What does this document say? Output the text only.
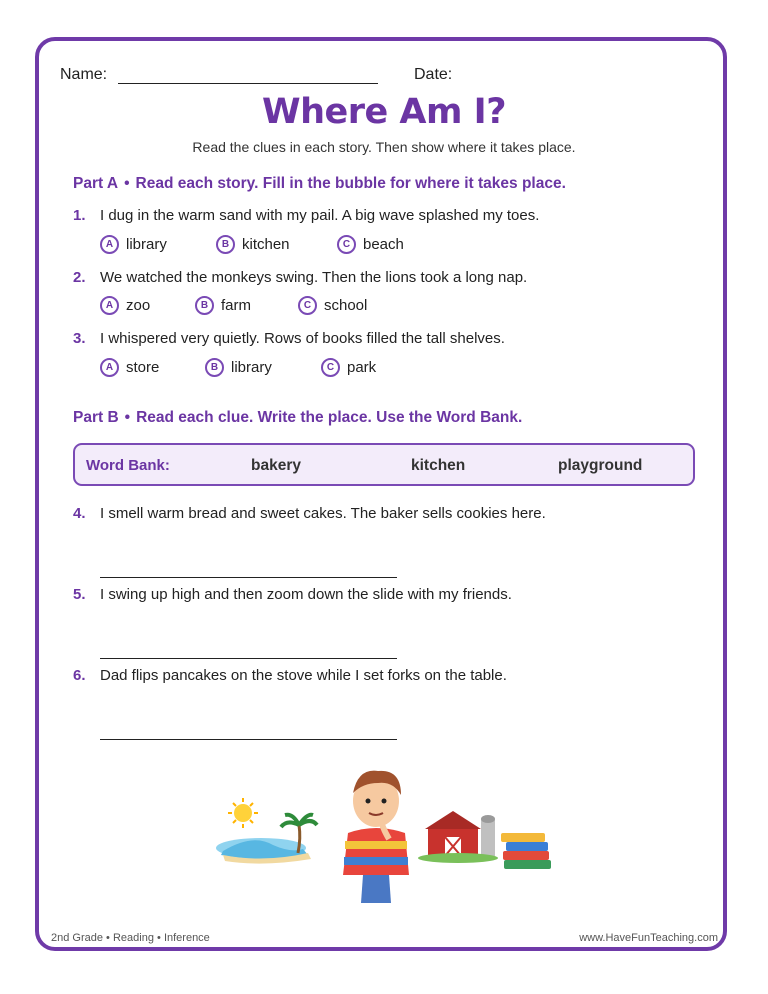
Name:	Date:
Where Am I?
Read the clues in each story. Then show where it takes place.
Part A • Read each story. Fill in the bubble for where it takes place.
1. I dug in the warm sand with my pail. A big wave splashed my toes.
A library	B kitchen	C beach
2. We watched the monkeys swing. Then the lions took a long nap.
A zoo	B farm	C school
3. I whispered very quietly. Rows of books filled the tall shelves.
A store	B library	C park
Part B • Read each clue. Write the place. Use the Word Bank.
Word Bank:	bakery	kitchen	playground
4. I smell warm bread and sweet cakes. The baker sells cookies here.
5. I swing up high and then zoom down the slide with my friends.
6. Dad flips pancakes on the stove while I set forks on the table.
2nd Grade • Reading • Inference	www.HaveFunTeaching.com
